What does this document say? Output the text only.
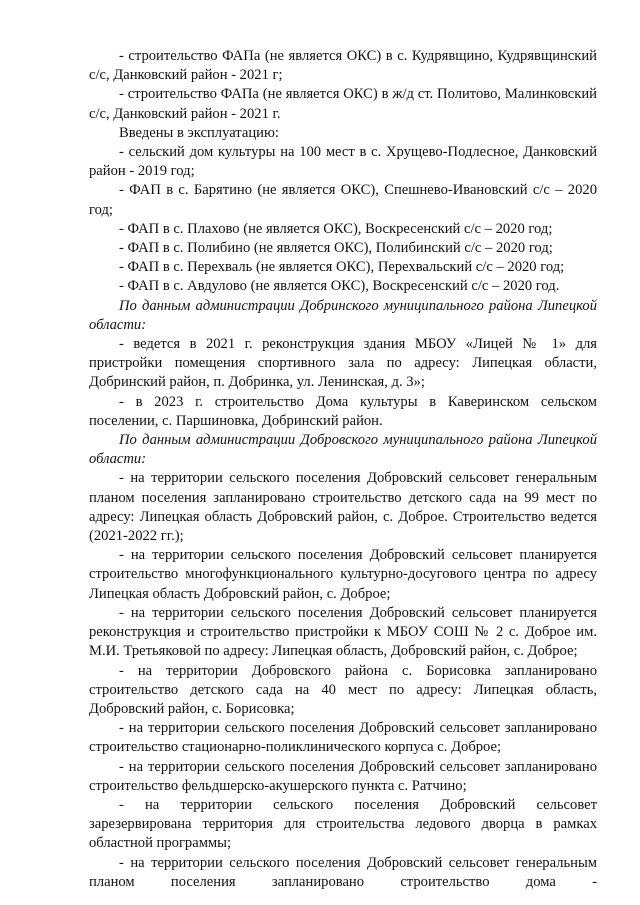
- строительство ФАПа (не является ОКС) в с. Кудрявщино, Кудрявщинский с/с, Данковский район - 2021 г;

- строительство ФАПа (не является ОКС) в ж/д ст. Политово, Малинковский с/с, Данковский район - 2021 г.

Введены в эксплуатацию:

- сельский дом культуры на 100 мест в с. Хрущево-Подлесное, Данковский район - 2019 год;

- ФАП в с. Барятино (не является ОКС), Спешнево-Ивановский с/с – 2020 год;

- ФАП в с. Плахово (не является ОКС), Воскресенский с/с – 2020 год;

- ФАП в с. Полибино (не является ОКС), Полибинский с/с – 2020 год;

- ФАП в с. Перехваль (не является ОКС), Перехвальский с/с – 2020 год;

- ФАП в с. Авдулово (не является ОКС), Воскресенский с/с – 2020 год.

По данным администрации Добринского муниципального района Липецкой области:

- ведется в 2021 г. реконструкция здания МБОУ «Лицей № 1» для пристройки помещения спортивного зала по адресу: Липецкая области, Добринский район, п. Добринка, ул. Ленинская, д. 3»;

- в 2023 г. строительство Дома культуры в Каверинском сельском поселении, с. Паршиновка, Добринский район.

По данным администрации Добровского муниципального района Липецкой области:

- на территории сельского поселения Добровский сельсовет генеральным планом поселения запланировано строительство детского сада на 99 мест по адресу: Липецкая область Добровский район, с. Доброе. Строительство ведется (2021-2022 гг.);

- на территории сельского поселения Добровский сельсовет планируется строительство многофункционального культурно-досугового центра по адресу Липецкая область Добровский район, с. Доброе;

- на территории сельского поселения Добровский сельсовет планируется реконструкция и строительство пристройки к МБОУ СОШ № 2 с. Доброе им. М.И. Третьяковой по адресу: Липецкая область, Добровский район, с. Доброе;

- на территории Добровского района с. Борисовка запланировано строительство детского сада на 40 мест по адресу: Липецкая область, Добровский район, с. Борисовка;

- на территории сельского поселения Добровский сельсовет запланировано строительство стационарно-поликлинического корпуса с. Доброе;

- на территории сельского поселения Добровский сельсовет запланировано строительство фельдшерско-акушерского пункта с. Ратчино;

- на территории сельского поселения Добровский сельсовет зарезервирована территория для строительства ледового дворца в рамках областной программы;

- на территории сельского поселения Добровский сельсовет генеральным планом поселения запланировано строительство дома -
